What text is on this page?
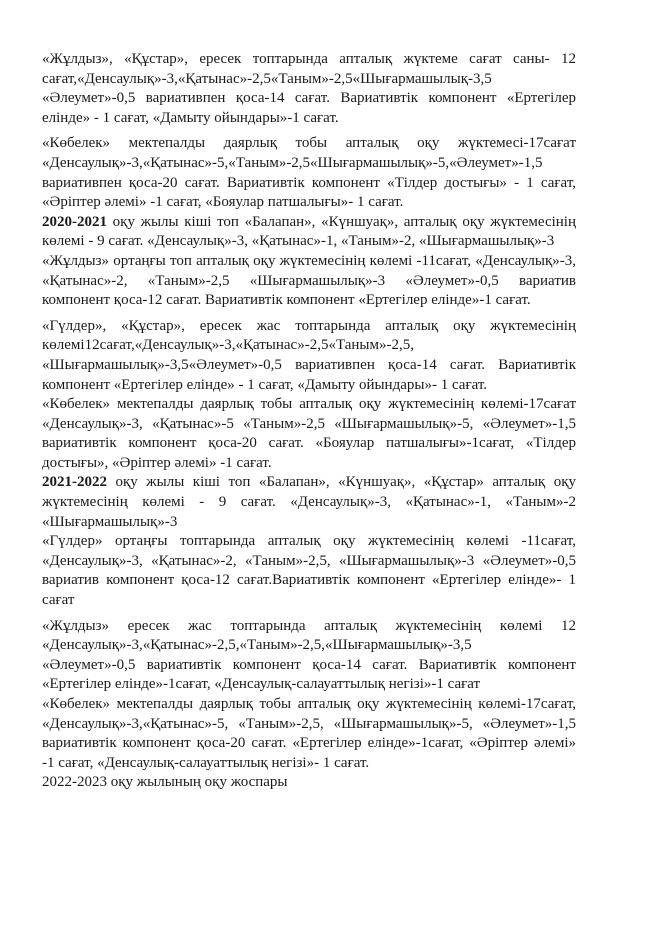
«Жұлдыз», «Құстар», ересек топтарында апталық жүктеме сағат саны- 12 сағат,«Денсаулық»-3,«Қатынас»-2,5«Таным»-2,5«Шығармашылық-3,5 «Әлеумет»-0,5 вариативпен қоса-14 сағат. Вариативтік компонент «Ертегілер елінде» - 1 сағат, «Дамыту ойындары»-1 сағат.

«Көбелек» мектепалды даярлық тобы апталық оқу жүктемесі-17сағат «Денсаулық»-3,«Қатынас»-5,«Таным»-2,5«Шығармашылық»-5,«Әлеумет»-1,5 вариативпен қоса-20 сағат. Вариативтік компонент «Тілдер достығы» - 1 сағат, «Әріптер әлемі» -1 сағат, «Бояулар патшалығы»- 1 сағат.

2020-2021 оқу жылы кіші топ «Балапан», «Күншуақ», апталық оқу жүктемесінің көлемі - 9 сағат. «Денсаулық»-3, «Қатынас»-1, «Таным»-2, «Шығармашылық»-3

«Жұлдыз» ортаңғы топ апталық оқу жүктемесінің көлемі -11сағат, «Денсаулық»-3, «Қатынас»-2, «Таным»-2,5 «Шығармашылық»-3 «Әлеумет»-0,5 вариатив компонент қоса-12 сағат. Вариативтік компонент «Ертегілер елінде»-1 сағат.

«Гүлдер», «Құстар», ересек жас топтарында апталық оқу жүктемесінің көлемі12сағат,«Денсаулық»-3,«Қатынас»-2,5«Таным»-2,5, «Шығармашылық»-3,5«Әлеумет»-0,5 вариативпен қоса-14 сағат. Вариативтік компонент «Ертегілер елінде» - 1 сағат, «Дамыту ойындары»- 1 сағат.

«Көбелек» мектепалды даярлық тобы апталық оқу жүктемесінің көлемі-17сағат «Денсаулық»-3, «Қатынас»-5 «Таным»-2,5 «Шығармашылық»-5, «Әлеумет»-1,5 вариативтік компонент қоса-20 сағат. «Бояулар патшалығы»-1сағат, «Тілдер достығы», «Әріптер әлемі» -1 сағат.

2021-2022 оқу жылы кіші топ «Балапан», «Күншуақ», «Құстар» апталық оқу жүктемесінің көлемі - 9 сағат. «Денсаулық»-3, «Қатынас»-1, «Таным»-2 «Шығармашылық»-3

«Гүлдер» ортаңғы топтарында апталық оқу жүктемесінің көлемі -11сағат, «Денсаулық»-3, «Қатынас»-2, «Таным»-2,5, «Шығармашылық»-3 «Әлеумет»-0,5 вариатив компонент қоса-12 сағат.Вариативтік компонент «Ертегілер елінде»- 1 сағат

«Жұлдыз» ересек жас топтарында апталық жүктемесінің көлемі 12 «Денсаулық»-3,«Қатынас»-2,5,«Таным»-2,5,«Шығармашылық»-3,5

«Әлеумет»-0,5 вариативтік компонент қоса-14 сағат. Вариативтік компонент «Ертегілер елінде»-1сағат, «Денсаулық-салауаттылық негізі»-1 сағат

«Көбелек» мектепалды даярлық тобы апталық оқу жүктемесінің көлемі-17сағат, «Денсаулық»-3,«Қатынас»-5, «Таным»-2,5, «Шығармашылық»-5, «Әлеумет»-1,5 вариативтік компонент қоса-20 сағат. «Ертегілер елінде»-1сағат, «Әріптер әлемі» -1 сағат, «Денсаулық-салауаттылық негізі»- 1 сағат.

2022-2023 оқу жылының оқу жоспары
